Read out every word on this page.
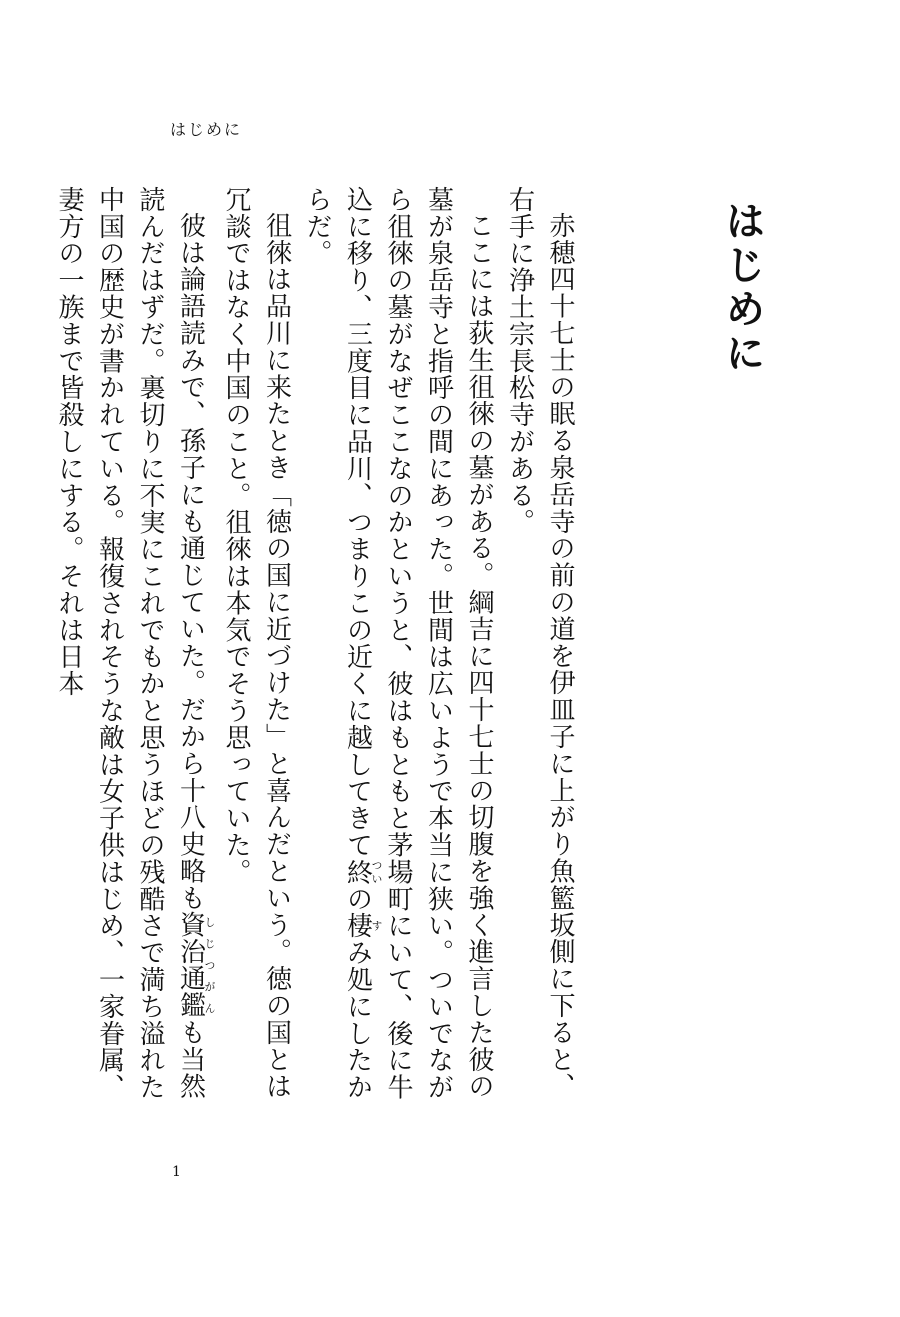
はじめに
はじめに

赤穂四十七士の眠る泉岳寺の前の道を伊皿子に上がり魚籃坂側に下ると、右手に浄土宗長松寺がある。

ここには荻生徂徠の墓がある。綱吉に四十七士の切腹を強く進言した彼の墓が泉岳寺と指呼の間にあった。世間は広いようで本当に狭い。ついでながら徂徠の墓がなぜここなのかというと、彼はもともと茅場町にいて、後に牛込に移り、三度目に品川、つまりこの近くに越してきて終ついの棲すみ処にしたからだ。

徂徠は品川に来たとき「徳の国に近づけた」と喜んだという。徳の国とは冗談ではなく中国のこと。徂徠は本気でそう思っていた。

彼は論語読みで、孫子にも通じていた。だから十八史略も資治通鑑しじつがんも当然読んだはずだ。裏切りに不実にこれでもかと思うほどの残酷さで満ち溢れた中国の歴史が書かれている。報復されそうな敵は女子供はじめ、一家眷属、妻方の一族まで皆殺しにする。それは日本

1
